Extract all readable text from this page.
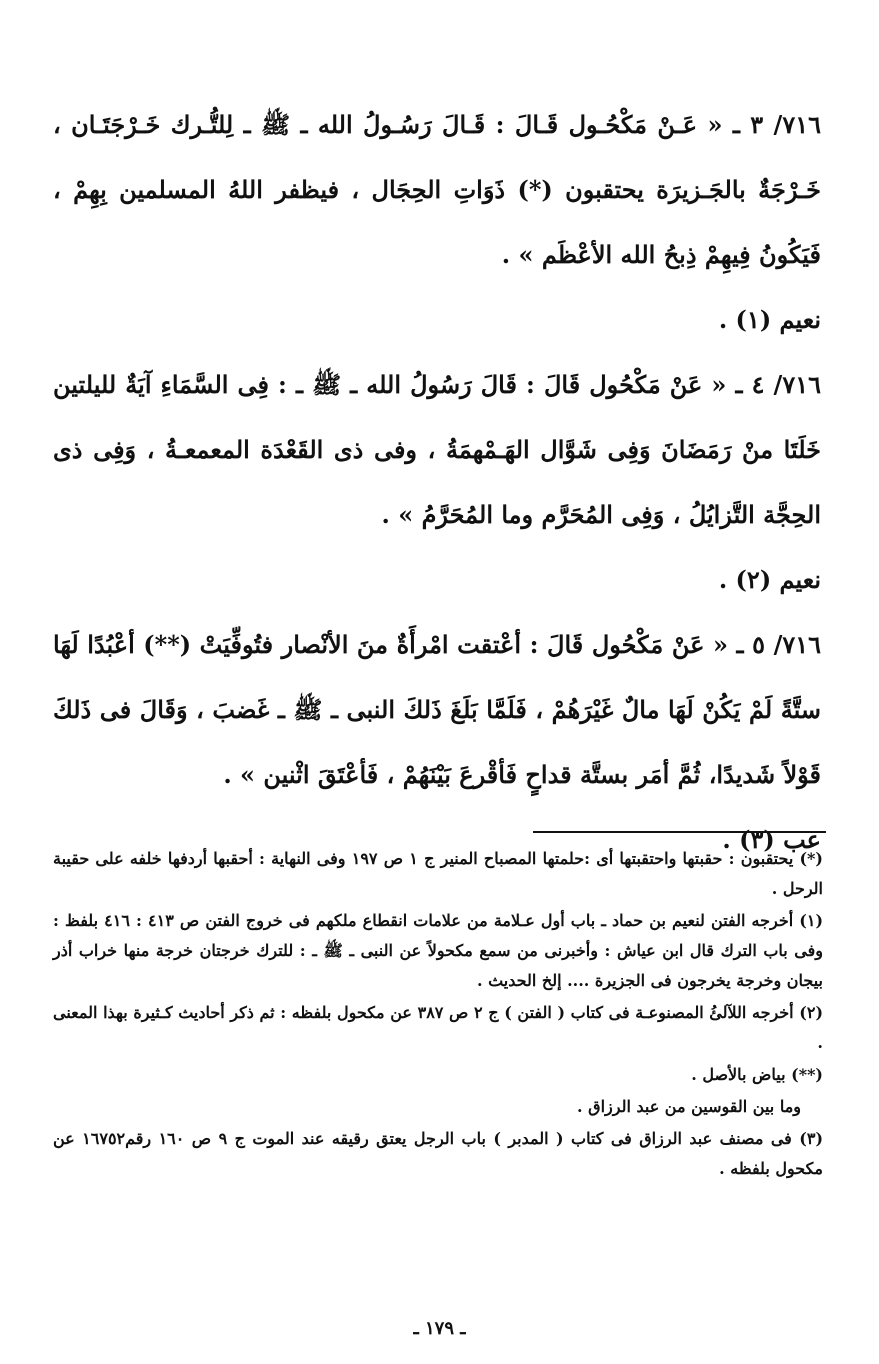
٧١٦/ ٣ ـ « عَـنْ مَكْحُـول قَـالَ : قَـالَ رَسُـولُ الله ـ ﷺ ـ لِلتُّـرك خَـرْجَتَـان ، خَـرْجَةٌ بالجَـزيرَة يحتقبون (*) ذَوَاتِ الحِجَال ، فيظفر اللهُ المسلمين بِهِمْ ، فَيَكُونُ فِيهِمْ ذِبحُ الله الأعْظَم » .

نعيم (١) .

٧١٦/ ٤ ـ « عَنْ مَكْحُول قَالَ : قَالَ رَسُولُ الله ـ ﷺ ـ : فِى السَّمَاءِ آيَةٌ لليلتين خَلَتَا منْ رَمَضَانَ وَفِى شَوَّال الهَـمْهمَةُ ، وفى ذى القَعْدَة المعمعـةُ ، وَفِى ذى الحِجَّة التَّزايُلُ ، وَفِى المُحَرَّم وما المُحَرَّمُ » .

نعيم (٢) .

٧١٦/ ٥ ـ « عَنْ مَكْحُول قَالَ : أعْتقت امْرأَةٌ منَ الأنْصار فتُوفِّيَتْ (**) أعْبُدًا لَهَا ستَّةً لَمْ يَكُنْ لَهَا مالٌ غَيْرَهُمْ ، فَلَمَّا بَلَغَ ذَلكَ النبى ـ ﷺ ـ غَضبَ ، وَقَالَ فى ذَلكَ قَوْلاً شَديدًا، ثُمَّ أمَر بستَّة قداحٍ فَأقْرعَ بَيْنَهُمْ ، فَأعْتَقَ اثْنين » .

عب (٣) .

(*) يحتقبون : حقبتها واحتقبتها أى :حلمتها المصباح المنير ج ١ ص ١٩٧ وفى النهاية : أحقبها أردفها خلفه على حقيبة الرحل .

(١) أخرجه الفتن لنعيم بن حماد ـ باب أول عـلامة من علامات انقطاع ملكهم فى خروج الفتن ص ٤١٣ : ٤١٦ بلفظ : وفى باب الترك قال ابن عياش : وأخبرنى من سمع مكحولاً عن النبى ـ ﷺ ـ : للترك خرجتان خرجة منها خراب أذر بيجان وخرجة يخرجون فى الجزيرة .... إلخ الحديث .

(٢) أخرجه اللآلئُ المصنوعـة فى كتاب ( الفتن ) ج ٢ ص ٣٨٧ عن مكحول بلفظه : ثم ذكر أحاديث كـثيرة بهذا المعنى .

(**) بياض بالأصل .

وما بين القوسين من عبد الرزاق .

(٣) فى مصنف عبد الرزاق فى كتاب ( المدبر ) باب الرجل يعتق رقيقه عند الموت ج ٩ ص ١٦٠ رقم١٦٧٥٢ عن مكحول بلفظه .

ـ ١٧٩ ـ
